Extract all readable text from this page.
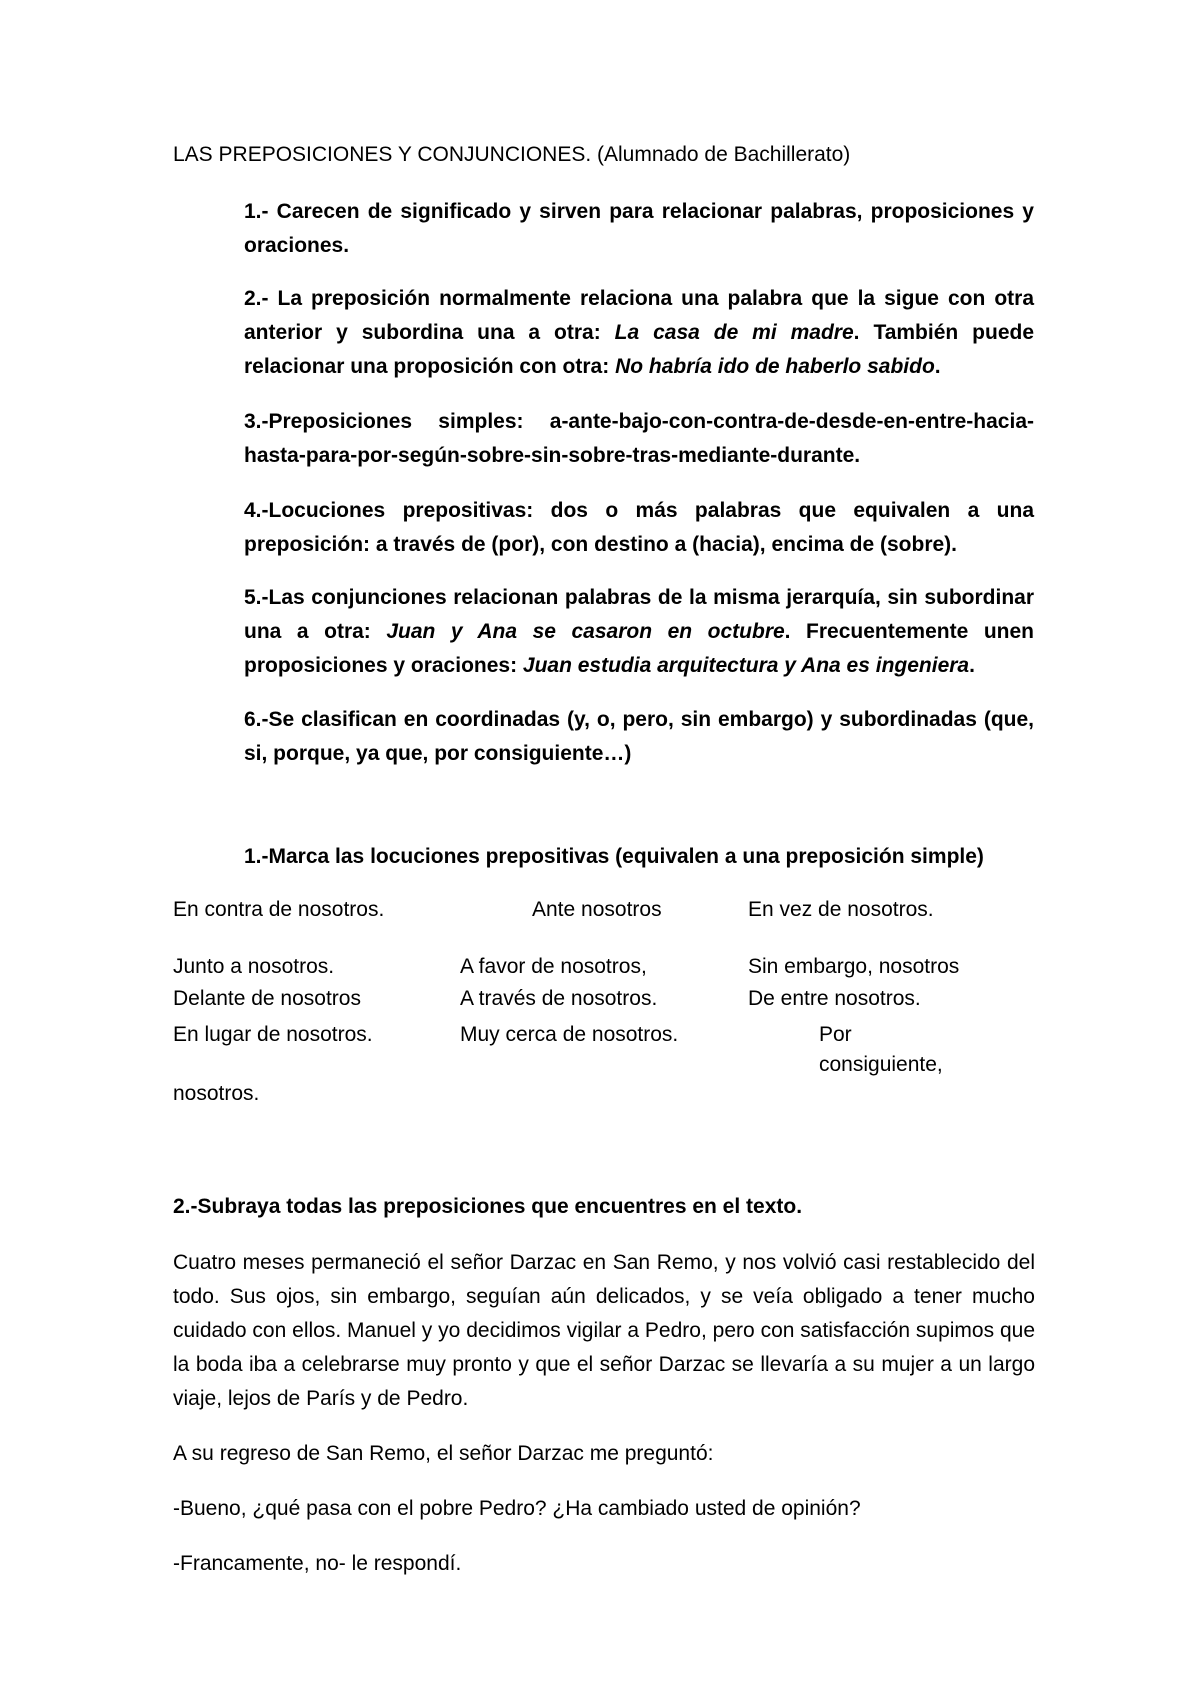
LAS PREPOSICIONES Y CONJUNCIONES. (Alumnado de Bachillerato)
1.- Carecen de significado y sirven para relacionar palabras, proposiciones y oraciones.
2.- La preposición normalmente relaciona una palabra que la sigue con otra anterior y subordina una a otra: La casa de mi madre. También puede relacionar una proposición con otra: No habría ido de haberlo sabido.
3.-Preposiciones simples: a-ante-bajo-con-contra-de-desde-en-entre-hacia-hasta-para-por-según-sobre-sin-sobre-tras-mediante-durante.
4.-Locuciones prepositivas: dos o más palabras que equivalen a una preposición: a través de (por), con destino a (hacia), encima de (sobre).
5.-Las conjunciones relacionan palabras de la misma jerarquía, sin subordinar una a otra: Juan y Ana se casaron en octubre. Frecuentemente unen proposiciones y oraciones: Juan estudia arquitectura y Ana es ingeniera.
6.-Se clasifican en coordinadas (y, o, pero, sin embargo) y subordinadas (que, si, porque, ya que, por consiguiente…)
1.-Marca las locuciones prepositivas (equivalen a una preposición simple)
En contra de nosotros.	Ante nosotros	En vez de nosotros.
Junto a nosotros.	A favor de nosotros,	Sin embargo, nosotros
Delante de nosotros	A través de nosotros.	De entre nosotros.
En lugar de nosotros.	Muy cerca de nosotros.	Por
consiguiente,
nosotros.
2.-Subraya todas las preposiciones que encuentres en el texto.
Cuatro meses permaneció el señor Darzac en San Remo, y nos volvió casi restablecido del todo. Sus ojos, sin embargo, seguían aún delicados, y se veía obligado a tener mucho cuidado con ellos. Manuel y yo decidimos vigilar a Pedro, pero con satisfacción supimos que la boda iba a celebrarse muy pronto y que el señor Darzac se llevaría a su mujer a un largo viaje, lejos de París y de Pedro.
A su regreso de San Remo, el señor Darzac me preguntó:
-Bueno, ¿qué pasa con el pobre Pedro? ¿Ha cambiado usted de opinión?
-Francamente, no- le respondí.
